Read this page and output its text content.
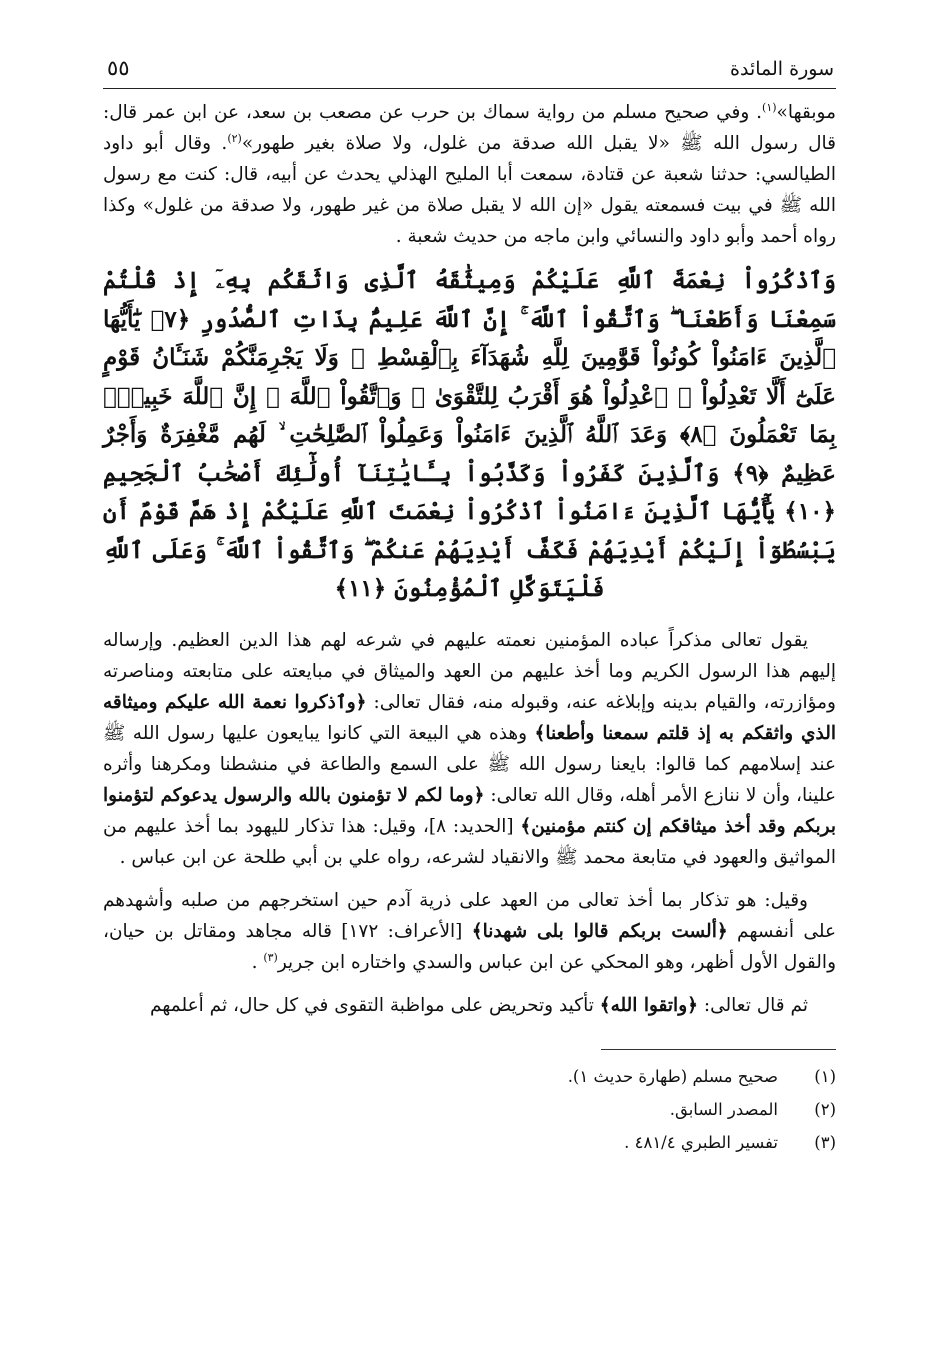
سورة المائدة
٥٥

موبقها»$^{(١)}$. وفي صحيح مسلم من رواية سماك بن حرب عن مصعب بن سعد، عن ابن عمر قال: قال رسول الله ﷺ «لا يقبل الله صدقة من غلول، ولا صلاة بغير طهور»$^{(٢)}$. وقال أبو داود الطيالسي: حدثنا شعبة عن قتادة، سمعت أبا المليح الهذلي يحدث عن أبيه، قال: كنت مع رسول الله ﷺ في بيت فسمعته يقول «إن الله لا يقبل صلاة من غير طهور، ولا صدقة من غلول» وكذا رواه أحمد وأبو داود والنسائي وابن ماجه من حديث شعبة .

وَٱذْكُرُواْ نِعْمَةَ ٱللَّهِ عَلَيْكُمْ وَمِيثَٰقَهُ ٱلَّذِى وَاثَقَكُم بِهِۦٓ إِذْ قُلْتُمْ سَمِعْنَا وَأَطَعْنَا ۖ وَٱتَّقُواْ ٱللَّهَ ۚ إِنَّ ٱللَّهَ عَلِيمٌۢ بِذَاتِ ٱلصُّدُورِ ﴿٧﴾ يَٰٓأَيُّهَا ٱلَّذِينَ ءَامَنُواْ كُونُواْ قَوَّٰمِينَ لِلَّهِ شُهَدَآءَ بِٱلْقِسْطِ ۖ وَلَا يَجْرِمَنَّكُمْ شَنَـَٔانُ قَوْمٍ عَلَىٰٓ أَلَّا تَعْدِلُواْ ۚ ٱعْدِلُواْ هُوَ أَقْرَبُ لِلتَّقْوَىٰ ۖ وَٱتَّقُواْ ٱللَّهَ ۚ إِنَّ ٱللَّهَ خَبِيرٌۢ بِمَا تَعْمَلُونَ ﴿٨﴾ وَعَدَ ٱللَّهُ ٱلَّذِينَ ءَامَنُواْ وَعَمِلُواْ ٱلصَّٰلِحَٰتِ ۙ لَهُم مَّغْفِرَةٌ وَأَجْرٌ عَظِيمٌ ﴿٩﴾ وَٱلَّذِينَ كَفَرُواْ وَكَذَّبُواْ بِـَٔايَٰتِنَآ أُولَٰٓئِكَ أَصْحَٰبُ ٱلْجَحِيمِ ﴿١٠﴾ يَٰٓأَيُّهَا ٱلَّذِينَ ءَامَنُواْ ٱذْكُرُواْ نِعْمَتَ ٱللَّهِ عَلَيْكُمْ إِذْ هَمَّ قَوْمٌ أَن يَبْسُطُوٓاْ إِلَيْكُمْ أَيْدِيَهُمْ فَكَفَّ أَيْدِيَهُمْ عَنكُمْ ۖ وَٱتَّقُواْ ٱللَّهَ ۚ وَعَلَى ٱللَّهِ فَلْيَتَوَكَّلِ ٱلْمُؤْمِنُونَ ﴿١١﴾

يقول تعالى مذكراً عباده المؤمنين نعمته عليهم في شرعه لهم هذا الدين العظيم. وإرساله إليهم هذا الرسول الكريم وما أخذ عليهم من العهد والميثاق في مبايعته على متابعته ومناصرته ومؤازرته، والقيام بدينه وإبلاغه عنه، وقبوله منه، فقال تعالى: ﴿وٱذكروا نعمة الله عليكم وميثاقه الذي واثقكم به إذ قلتم سمعنا وأطعنا﴾ وهذه هي البيعة التي كانوا يبايعون عليها رسول الله ﷺ عند إسلامهم كما قالوا: بايعنا رسول الله ﷺ على السمع والطاعة في منشطنا ومكرهنا وأثره علينا، وأن لا ننازع الأمر أهله، وقال الله تعالى: ﴿وما لكم لا تؤمنون بالله والرسول يدعوكم لتؤمنوا بربكم وقد أخذ ميثاقكم إن كنتم مؤمنين﴾ [الحديد: ٨]، وقيل: هذا تذكار لليهود بما أخذ عليهم من المواثيق والعهود في متابعة محمد ﷺ والانقياد لشرعه، رواه علي بن أبي طلحة عن ابن عباس .

وقيل: هو تذكار بما أخذ تعالى من العهد على ذرية آدم حين استخرجهم من صلبه وأشهدهم على أنفسهم ﴿ألست بربكم قالوا بلى شهدنا﴾ [الأعراف: ١٧٢] قاله مجاهد ومقاتل بن حيان، والقول الأول أظهر، وهو المحكي عن ابن عباس والسدي واختاره ابن جرير$^{(٣)}$ .

ثم قال تعالى: ﴿واتقوا الله﴾ تأكيد وتحريض على مواظبة التقوى في كل حال، ثم أعلمهم

(١)
صحيح مسلم (طهارة حديث ١).
(٢)
المصدر السابق.
(٣)
تفسير الطبري ٤٨١/٤ .
